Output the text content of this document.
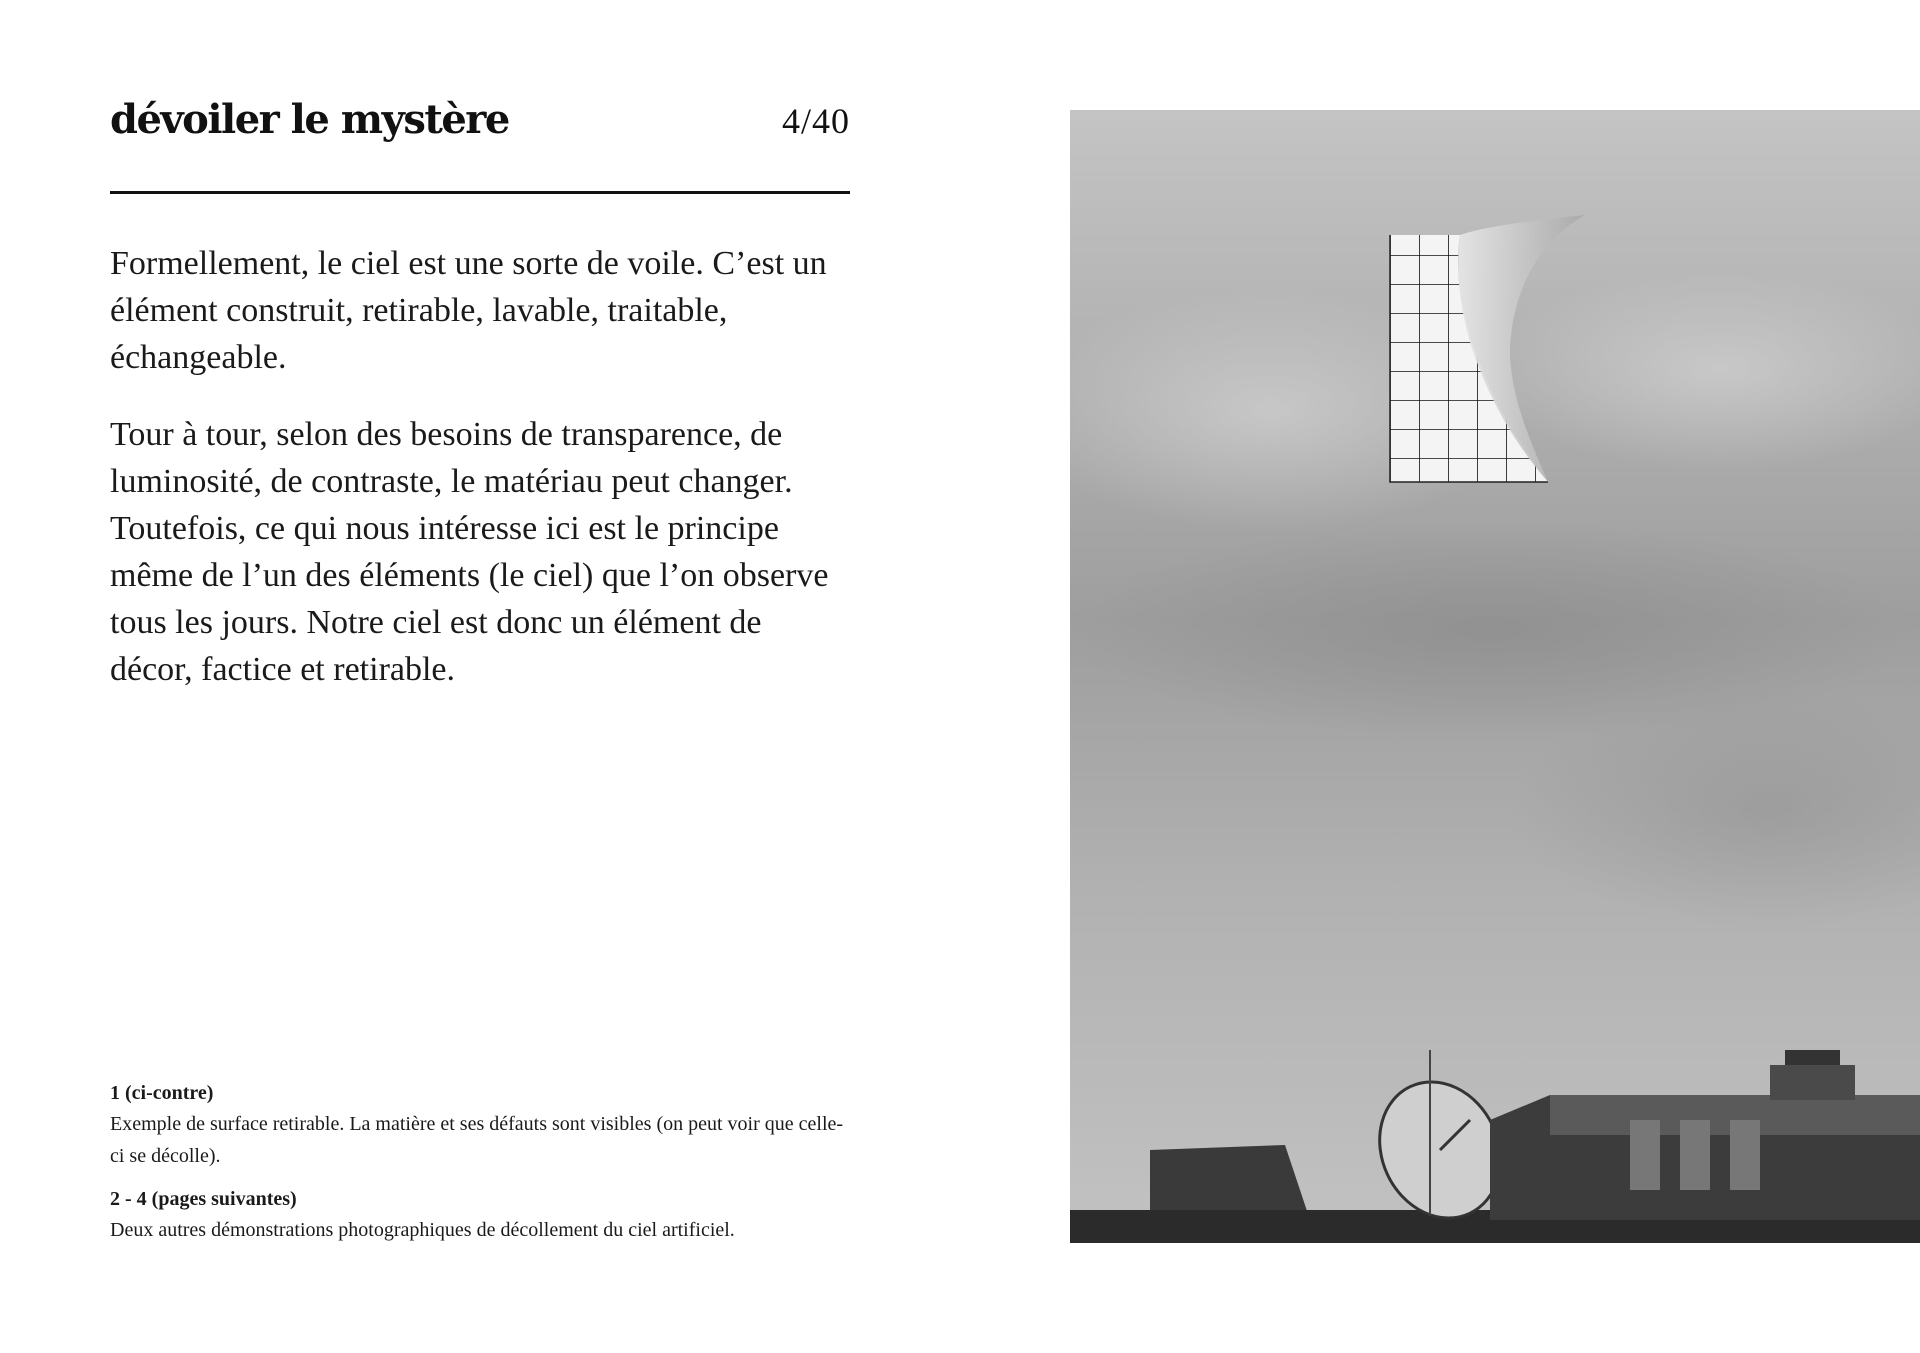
dévoiler le mystère	4/40

Formellement, le ciel est une sorte de voile. C’est un élément construit, retirable, lavable, traitable, échangeable.

Tour à tour, selon des besoins de transparence, de luminosité, de contraste, le matériau peut changer. Toutefois, ce qui nous intéresse ici est le principe même de l’un des éléments (le ciel) que l’on observe tous les jours. Notre ciel est donc un élément de décor, factice et retirable.

1 (ci-contre)
Exemple de surface retirable. La matière et ses défauts sont visibles (on peut voir que celle-ci se décolle).
2 - 4 (pages suivantes)
Deux autres démonstrations photographiques de décollement du ciel artificiel.
